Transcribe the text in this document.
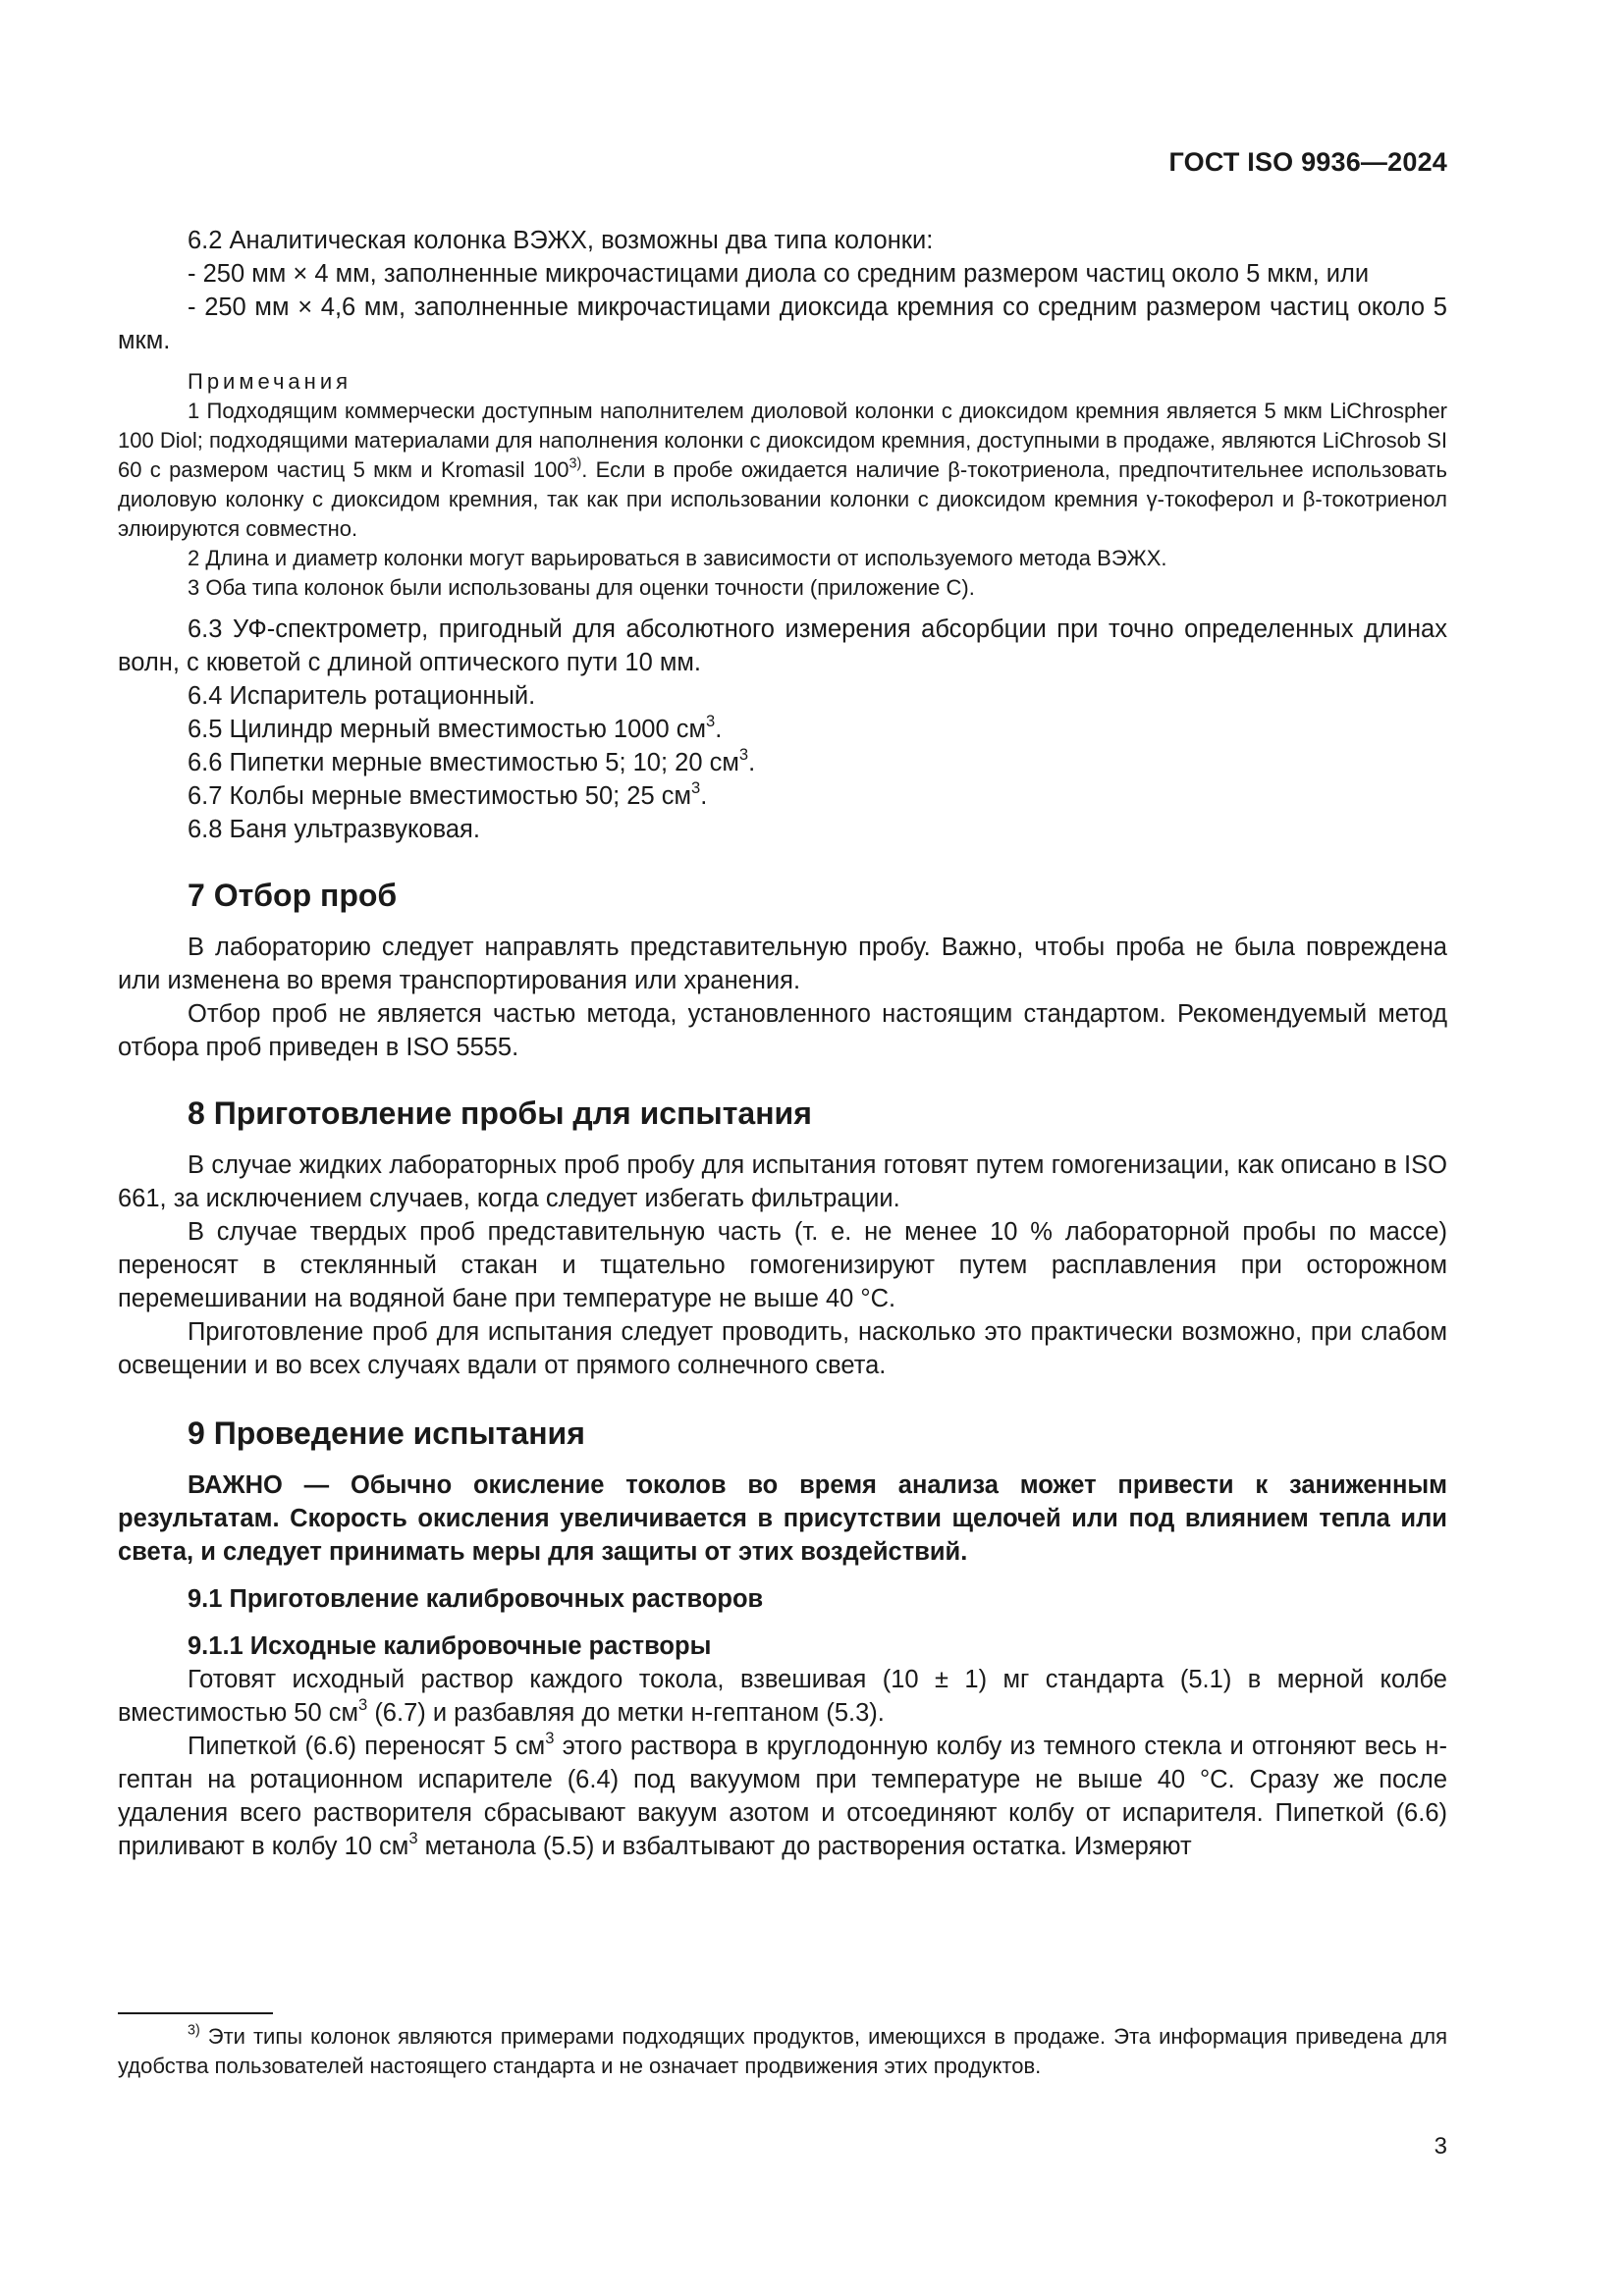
ГОСТ ISO 9936—2024

6.2 Аналитическая колонка ВЭЖХ, возможны два типа колонки:

- 250 мм × 4 мм, заполненные микрочастицами диола со средним размером частиц около 5 мкм, или

- 250 мм × 4,6 мм, заполненные микрочастицами диоксида кремния со средним размером частиц около 5 мкм.

Примечания

1 Подходящим коммерчески доступным наполнителем диоловой колонки с диоксидом кремния является 5 мкм LiChrospher 100 Diol; подходящими материалами для наполнения колонки с диоксидом кремния, доступными в продаже, являются LiChrosob SI 60 с размером частиц 5 мкм и Kromasil 100$^{3)}$. Если в пробе ожидается наличие β-токотриенола, предпочтительнее использовать диоловую колонку с диоксидом кремния, так как при использовании колонки с диоксидом кремния γ-токоферол и β-токотриенол элюируются совместно.

2 Длина и диаметр колонки могут варьироваться в зависимости от используемого метода ВЭЖХ.

3 Оба типа колонок были использованы для оценки точности (приложение С).

6.3 УФ-спектрометр, пригодный для абсолютного измерения абсорбции при точно определенных длинах волн, с кюветой с длиной оптического пути 10 мм.

6.4 Испаритель ротационный.

6.5 Цилиндр мерный вместимостью 1000 $см^3$.

6.6 Пипетки мерные вместимостью 5; 10; 20 $см^3$.

6.7 Колбы мерные вместимостью 50; 25 $см^3$.

6.8 Баня ультразвуковая.

7 Отбор проб

В лабораторию следует направлять представительную пробу. Важно, чтобы проба не была повреждена или изменена во время транспортирования или хранения.

Отбор проб не является частью метода, установленного настоящим стандартом. Рекомендуемый метод отбора проб приведен в ISO 5555.

8 Приготовление пробы для испытания

В случае жидких лабораторных проб пробу для испытания готовят путем гомогенизации, как описано в ISO 661, за исключением случаев, когда следует избегать фильтрации.

В случае твердых проб представительную часть (т. е. не менее 10 % лабораторной пробы по массе) переносят в стеклянный стакан и тщательно гомогенизируют путем расплавления при осторожном перемешивании на водяной бане при температуре не выше 40 °С.

Приготовление проб для испытания следует проводить, насколько это практически возможно, при слабом освещении и во всех случаях вдали от прямого солнечного света.

9 Проведение испытания

ВАЖНО — Обычно окисление токолов во время анализа может привести к заниженным результатам. Скорость окисления увеличивается в присутствии щелочей или под влиянием тепла или света, и следует принимать меры для защиты от этих воздействий.

9.1 Приготовление калибровочных растворов

9.1.1 Исходные калибровочные растворы

Готовят исходный раствор каждого токола, взвешивая (10 ± 1) мг стандарта (5.1) в мерной колбе вместимостью 50 $см^3$ (6.7) и разбавляя до метки н-гептаном (5.3).

Пипеткой (6.6) переносят 5 $см^3$ этого раствора в круглодонную колбу из темного стекла и отгоняют весь н-гептан на ротационном испарителе (6.4) под вакуумом при температуре не выше 40 °С. Сразу же после удаления всего растворителя сбрасывают вакуум азотом и отсоединяют колбу от испарителя. Пипеткой (6.6) приливают в колбу 10 $см^3$ метанола (5.5) и взбалтывают до растворения остатка. Измеряют

$^{3)}$ Эти типы колонок являются примерами подходящих продуктов, имеющихся в продаже. Эта информация приведена для удобства пользователей настоящего стандарта и не означает продвижения этих продуктов.

3
